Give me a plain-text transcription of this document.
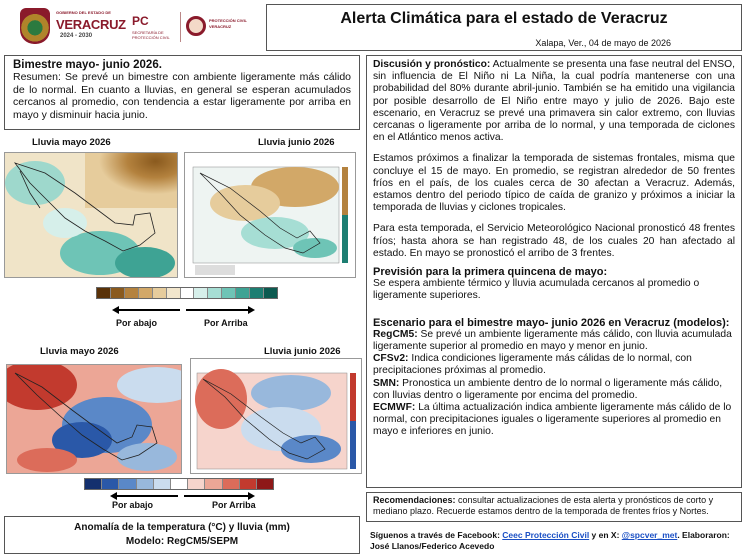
GOBIERNO DEL ESTADO DE
VERACRUZ
2024 - 2030
PC
SECRETARÍA DE PROTECCIÓN CIVIL
PROTECCIÓN CIVIL VERACRUZ	Alerta Climática para el estado de Veracruz
Xalapa, Ver., 04 de mayo de 2026
Bimestre mayo- junio 2026.
Resumen: Se prevé un bimestre con ambiente ligeramente más cálido de lo normal. En cuanto a lluvias, en general se esperan acumulados cercanos al promedio, con tendencia a estar ligeramente por arriba en mayo y disminuir hacia junio.
Lluvia mayo 2026	Lluvia junio 2026
Por abajo	Por Arriba
Lluvia mayo 2026	Lluvia junio 2026
Por abajo	Por Arriba
Anomalía de la temperatura (°C) y lluvia (mm)
Modelo: RegCM5/SEPM

Discusión y pronóstico: Actualmente se presenta una fase neutral del ENSO, sin influencia de El Niño ni La Niña, la cual podría mantenerse con una probabilidad del 80% durante abril-junio. También se ha emitido una vigilancia por posible desarrollo de El Niño entre mayo y julio de 2026. Bajo este escenario, en Veracruz se prevé una primavera sin calor extremo, con lluvias cercanas o ligeramente por arriba de lo normal, y una temporada de ciclones en el Atlántico menos activa.

Estamos próximos a finalizar la temporada de sistemas frontales, misma que concluye el 15 de mayo. En promedio, se registran alrededor de 50 frentes fríos en el país, de los cuales cerca de 30 afectan a Veracruz. Además, estamos dentro del periodo típico de caída de granizo y próximos a iniciar la temporada de lluvias y ciclones tropicales.

Para esta temporada, el Servicio Meteorológico Nacional pronosticó 48 frentes fríos; hasta ahora se han registrado 48, de los cuales 20 han afectado al estado. En mayo se pronosticó el arribo de 3 frentes.

Previsión para la primera quincena de mayo:

Se espera ambiente térmico y lluvia acumulada cercanos al promedio o ligeramente superiores.

Escenario para el bimestre mayo- junio 2026 en Veracruz (modelos):

RegCM5: Se prevé un ambiente ligeramente más cálido, con lluvia acumulada ligeramente superior al promedio en mayo y menor en junio.

CFSv2: Indica condiciones ligeramente más cálidas de lo normal, con precipitaciones próximas al promedio.

SMN: Pronostica un ambiente dentro de lo normal o ligeramente más cálido, con lluvias dentro o ligeramente por encima del promedio.

ECMWF: La última actualización indica ambiente ligeramente más cálido de lo normal, con precipitaciones iguales o ligeramente superiores al promedio en mayo e inferiores en junio.

Recomendaciones: consultar actualizaciones de esta alerta y pronósticos de corto y mediano plazo. Recuerde estamos dentro de la temporada de frentes fríos y Nortes.
Síguenos a través de Facebook: Ceec Protección Civil y en X: @spcver_met. Elaboraron:
José Llanos/Federico Acevedo
